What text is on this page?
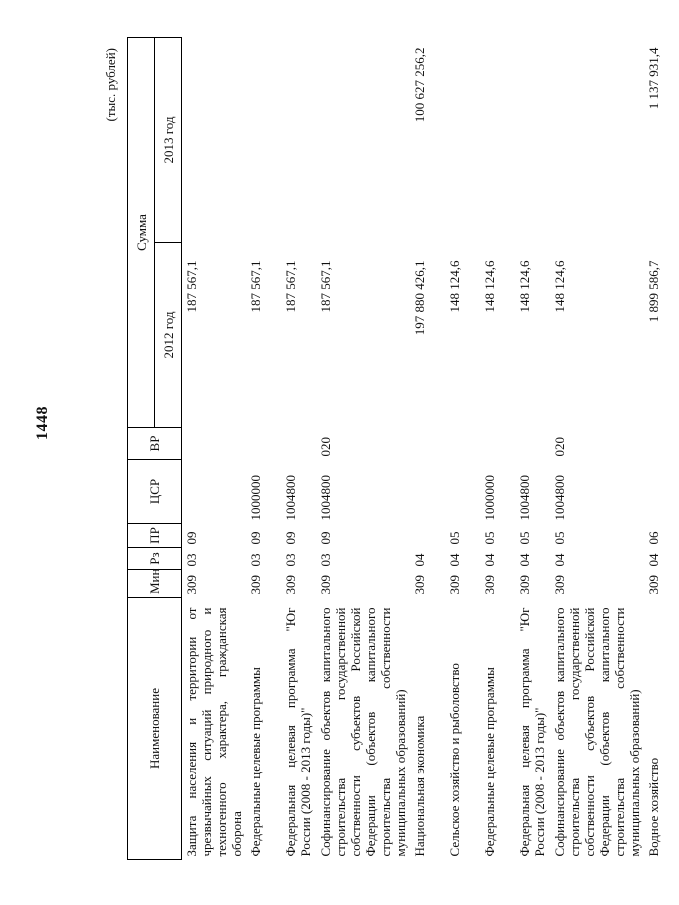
1448
(тыс. рублей)
Наименование	Мин	Рз	ПР	ЦСР	ВР	Сумма	
						2012 год	2013 год
Защита населения и территории от чрезвычайных ситуаций природного и техногенного характера, гражданская оборона	309	03	09			187 567,1	
Федеральные целевые программы	309	03	09	1000000		187 567,1	
Федеральная целевая программа "Юг России (2008 - 2013 годы)"	309	03	09	1004800		187 567,1	
Софинансирование объектов капитального строительства государственной собственности субъектов Российской Федерации (объектов капитального строительства собственности муниципальных образований)	309	03	09	1004800	020	187 567,1	
Национальная экономика	309	04				197 880 426,1	100 627 256,2
Сельское хозяйство и рыболовство	309	04	05			148 124,6	
Федеральные целевые программы	309	04	05	1000000		148 124,6	
Федеральная целевая программа "Юг России (2008 - 2013 годы)"	309	04	05	1004800		148 124,6	
Софинансирование объектов капитального строительства государственной собственности субъектов Российской Федерации (объектов капитального строительства собственности муниципальных образований)	309	04	05	1004800	020	148 124,6	
Водное хозяйство	309	04	06			1 899 586,7	1 137 931,4
